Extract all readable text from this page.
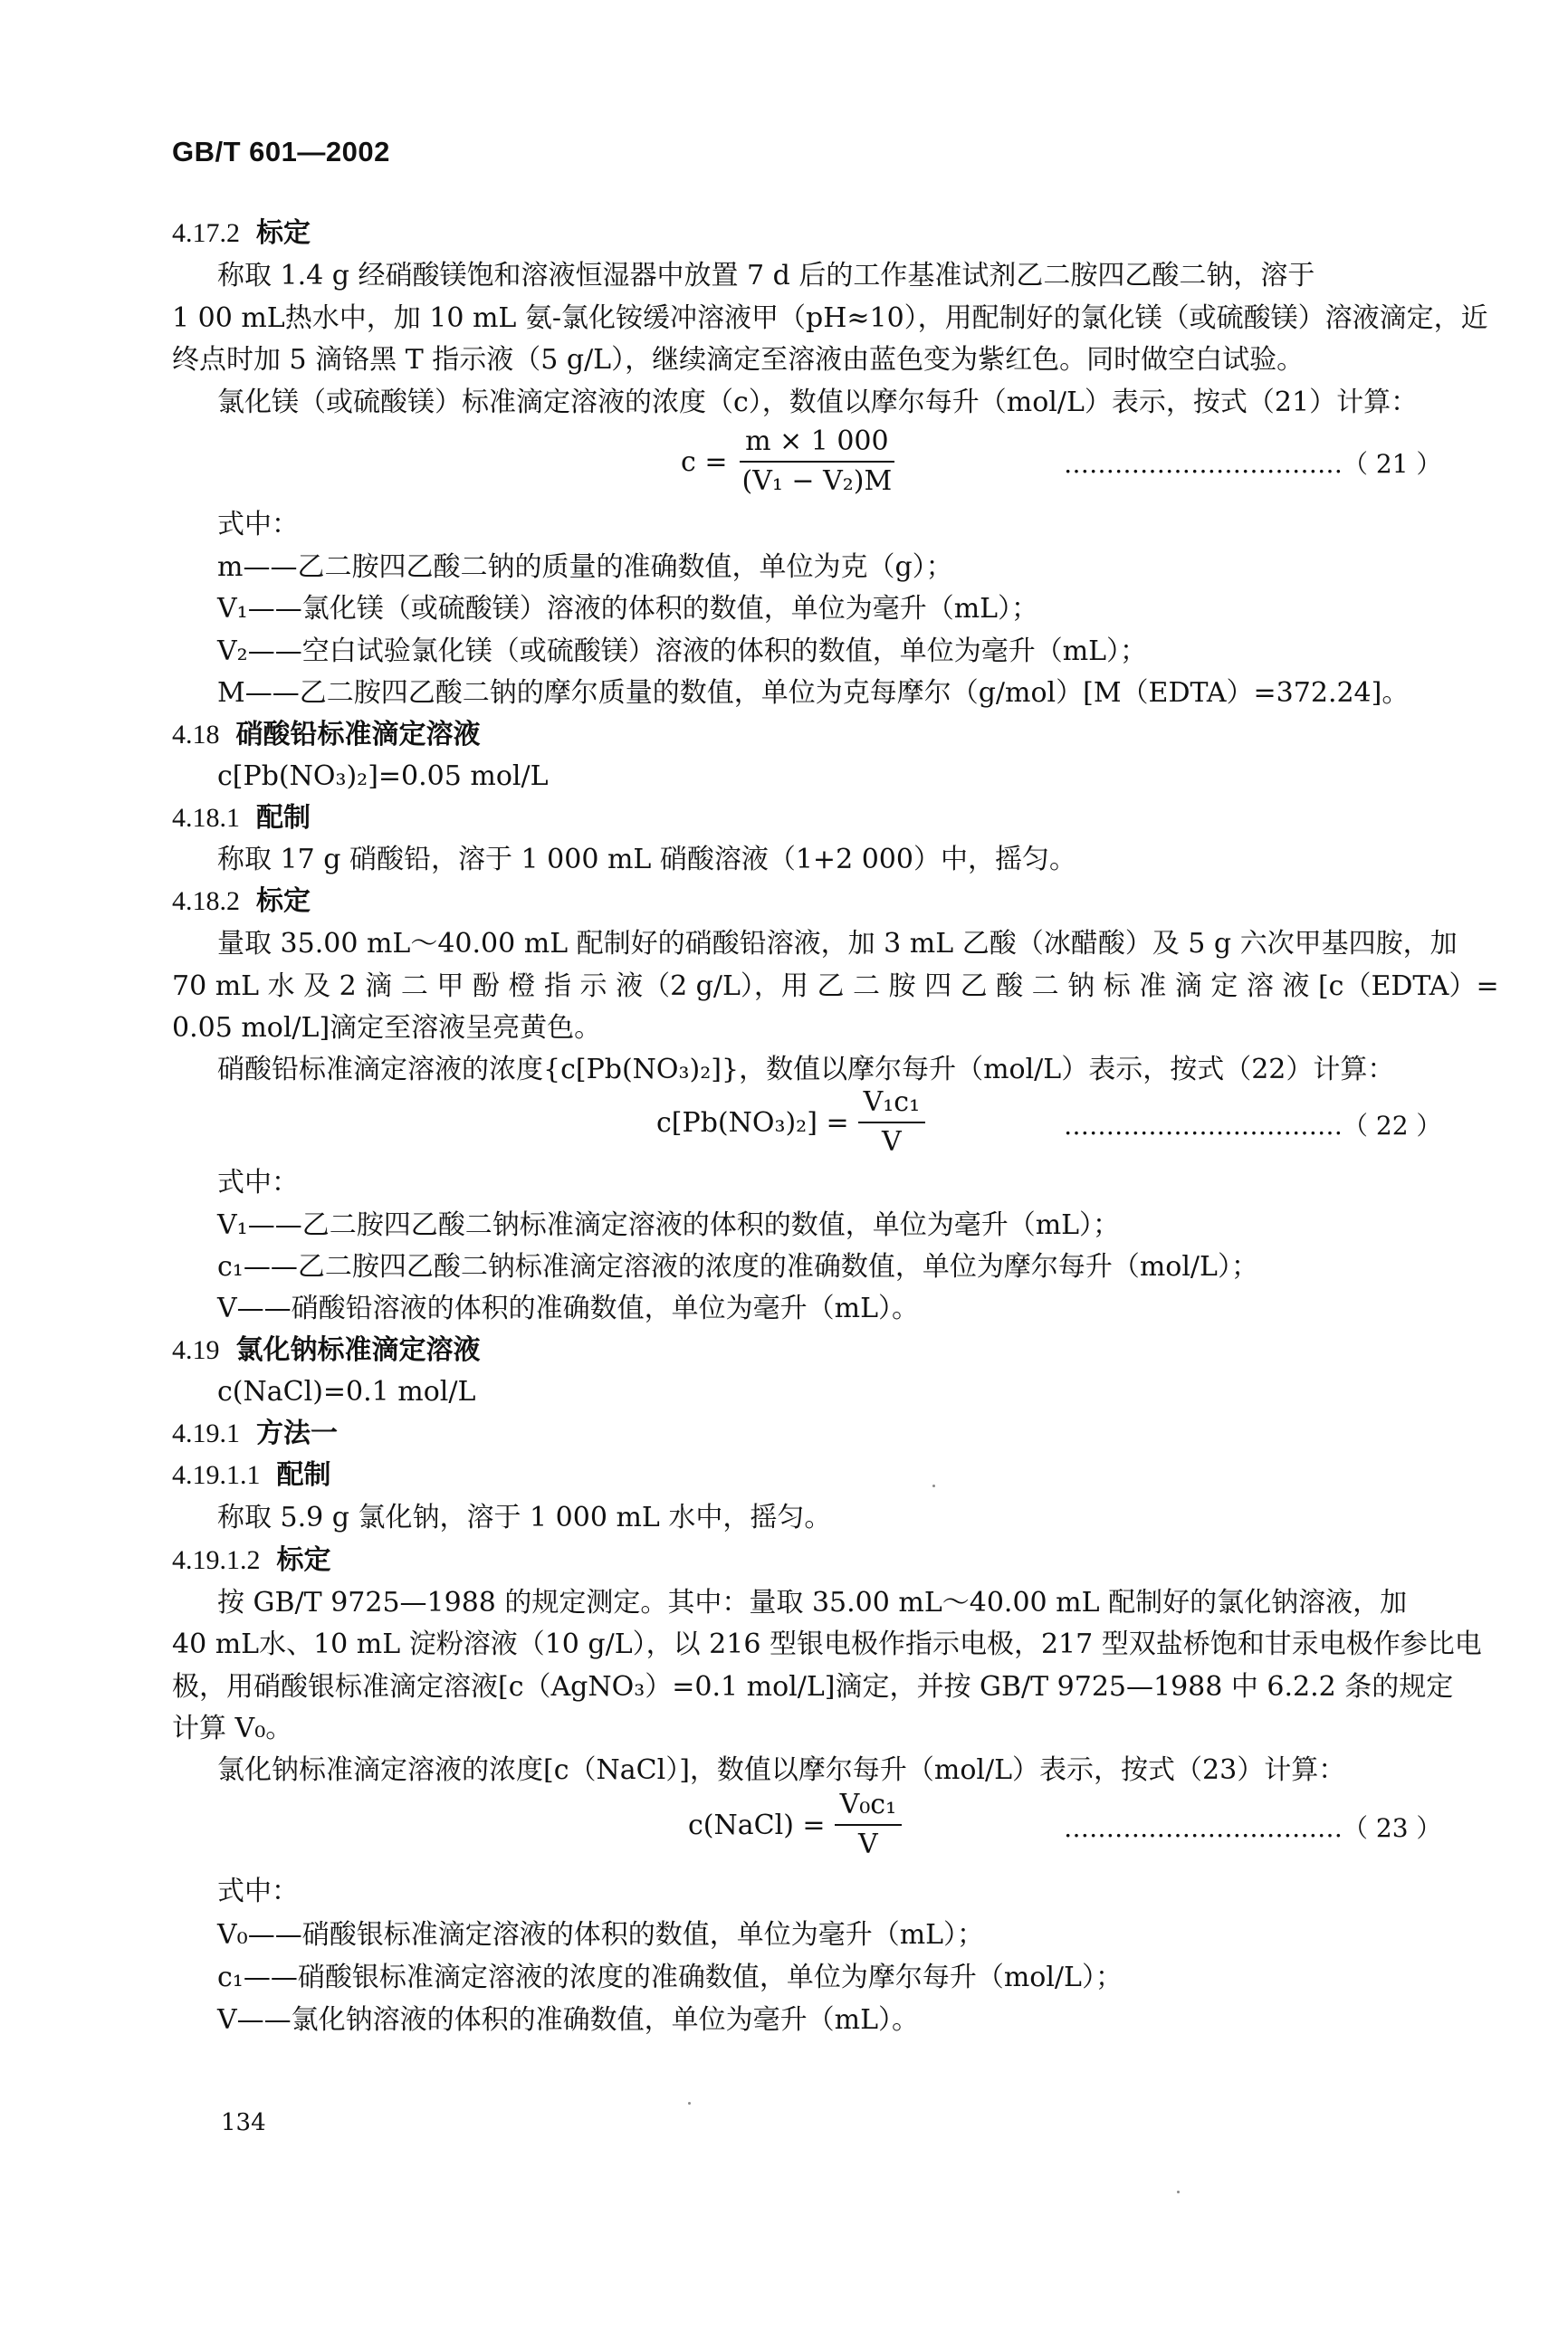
GB/T 601—2002
4.17.2 标定
称取 1.4 g 经硝酸镁饱和溶液恒湿器中放置 7 d 后的工作基准试剂乙二胺四乙酸二钠，溶于
1 00 mL热水中，加 10 mL 氨-氯化铵缓冲溶液甲（pH≈10），用配制好的氯化镁（或硫酸镁）溶液滴定，近
终点时加 5 滴铬黑 T 指示液（5 g/L），继续滴定至溶液由蓝色变为紫红色。同时做空白试验。
氯化镁（或硫酸镁）标准滴定溶液的浓度（c），数值以摩尔每升（mol/L）表示，按式（21）计算：
$c = \frac{m \times 1 000}{\text{(V₁ − V₂)M}}$	……………………………（ 21 ）
式中：
m——乙二胺四乙酸二钠的质量的准确数值，单位为克（g）；
V₁——氯化镁（或硫酸镁）溶液的体积的数值，单位为毫升（mL）；
V₂——空白试验氯化镁（或硫酸镁）溶液的体积的数值，单位为毫升（mL）；
M——乙二胺四乙酸二钠的摩尔质量的数值，单位为克每摩尔（g/mol）[M（EDTA）=372.24]。
4.18 硝酸铅标准滴定溶液
c[Pb(NO₃)₂]=0.05 mol/L
4.18.1 配制
称取 17 g 硝酸铅，溶于 1 000 mL 硝酸溶液（1+2 000）中，摇匀。
4.18.2 标定
量取 35.00 mL～40.00 mL 配制好的硝酸铅溶液，加 3 mL 乙酸（冰醋酸）及 5 g 六次甲基四胺，加
70 mL 水 及 2 滴 二 甲 酚 橙 指 示 液（2 g/L），用 乙 二 胺 四 乙 酸 二 钠 标 准 滴 定 溶 液 [c（EDTA）=
0.05 mol/L]滴定至溶液呈亮黄色。
硝酸铅标准滴定溶液的浓度{c[Pb(NO₃)₂]}，数值以摩尔每升（mol/L）表示，按式（22）计算：
$c[Pb(NO_3)_2] = \frac{\text{V₁c₁}}{V}$	……………………………（ 22 ）
式中：
V₁——乙二胺四乙酸二钠标准滴定溶液的体积的数值，单位为毫升（mL）；
c₁——乙二胺四乙酸二钠标准滴定溶液的浓度的准确数值，单位为摩尔每升（mol/L）；
V——硝酸铅溶液的体积的准确数值，单位为毫升（mL）。
4.19 氯化钠标准滴定溶液
c(NaCl)=0.1 mol/L
4.19.1 方法一
4.19.1.1 配制
称取 5.9 g 氯化钠，溶于 1 000 mL 水中，摇匀。
4.19.1.2 标定
按 GB/T 9725—1988 的规定测定。其中：量取 35.00 mL～40.00 mL 配制好的氯化钠溶液，加
40 mL水、10 mL 淀粉溶液（10 g/L），以 216 型银电极作指示电极，217 型双盐桥饱和甘汞电极作参比电
极，用硝酸银标准滴定溶液[c（AgNO₃）=0.1 mol/L]滴定，并按 GB/T 9725—1988 中 6.2.2 条的规定
计算 V₀。
氯化钠标准滴定溶液的浓度[c（NaCl）]，数值以摩尔每升（mol/L）表示，按式（23）计算：
c(NaCl) = $\frac{\text{V₀c₁}}{V}$	……………………………（ 23 ）
式中：
V₀——硝酸银标准滴定溶液的体积的数值，单位为毫升（mL）；
c₁——硝酸银标准滴定溶液的浓度的准确数值，单位为摩尔每升（mol/L）；
V——氯化钠溶液的体积的准确数值，单位为毫升（mL）。
134
